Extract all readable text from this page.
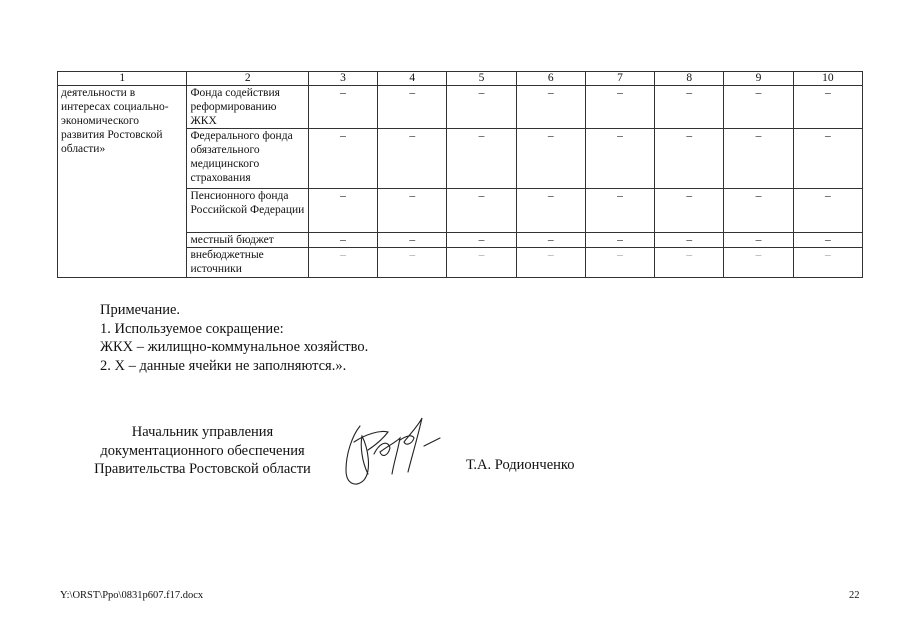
1	2	3	4	5	6	7	8	9	10
деятельности в интересах социально-экономического развития Ростовской области»	Фонда содействия реформированию ЖКХ	–	–	–	–	–	–	–	–
	Федерального фонда обязательного медицинского страхования	–	–	–	–	–	–	–	–
	Пенсионного фонда Российской Федерации	–	–	–	–	–	–	–	–
	местный бюджет	–	–	–	–	–	–	–	–
	внебюджетные источники	–	–	–	–	–	–	–	–
Примечание.
1. Используемое сокращение:
ЖКХ – жилищно-коммунальное хозяйство.
2. Х – данные ячейки не заполняются.».
Начальник управления
документационного обеспечения
Правительства Ростовской области	Т.А. Родионченко
Y:\ORST\Ppo\0831p607.f17.docx	22
